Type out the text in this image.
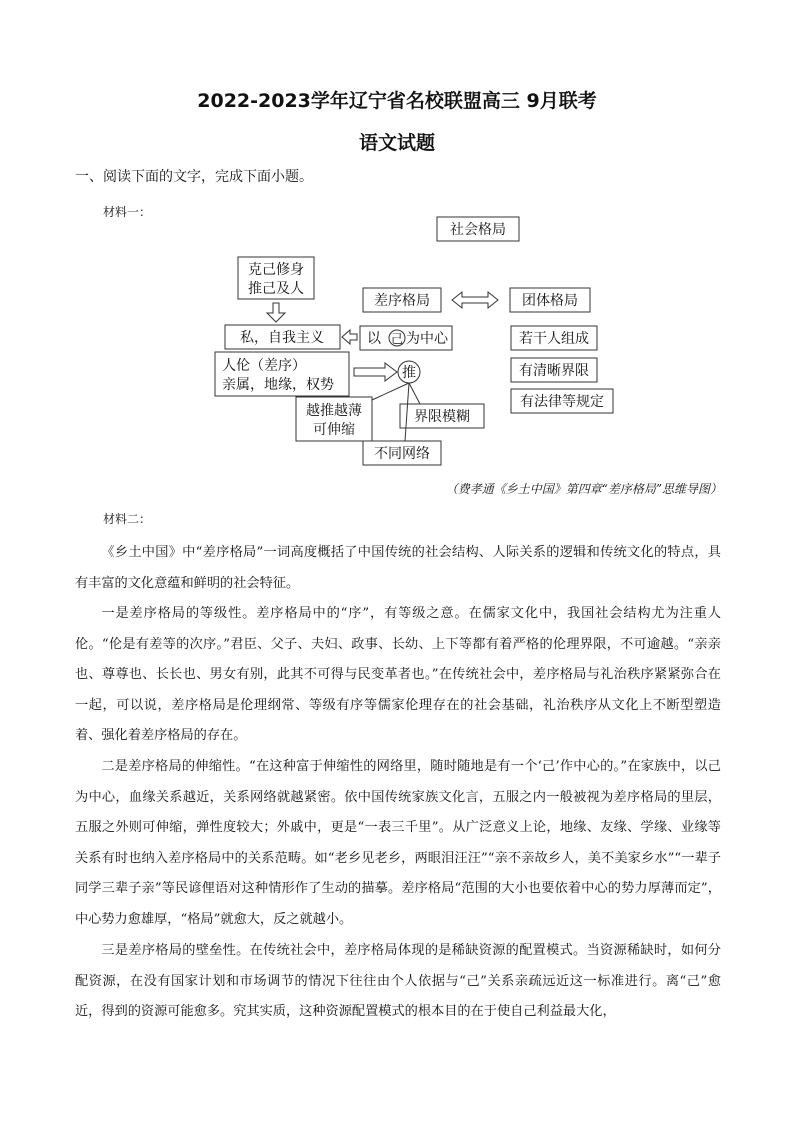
2022-2023学年辽宁省名校联盟高三 9月联考
语文试题
一、阅读下面的文字，完成下面小题。
材料一：
社会格局
差序格局	团体格局
克己修身
推己及人
私，自我主义	以 己 为中心
人伦（差序）
亲属，地缘，权势
推
越推越薄
可伸缩
界限模糊
不同网络
若干人组成
有清晰界限
有法律等规定
（费孝通《乡土中国》第四章“差序格局”思维导图）
材料二：

《乡土中国》中“差序格局”一词高度概括了中国传统的社会结构、人际关系的逻辑和传统文化的特点，具有丰富的文化意蕴和鲜明的社会特征。

一是差序格局的等级性。差序格局中的“序”，有等级之意。在儒家文化中，我国社会结构尤为注重人伦。“伦是有差等的次序。”君臣、父子、夫妇、政事、长幼、上下等都有着严格的伦理界限，不可逾越。“亲亲也、尊尊也、长长也、男女有别，此其不可得与民变革者也。”在传统社会中，差序格局与礼治秩序紧紧弥合在一起，可以说，差序格局是伦理纲常、等级有序等儒家伦理存在的社会基础，礼治秩序从文化上不断型塑造着、强化着差序格局的存在。

二是差序格局的伸缩性。“在这种富于伸缩性的网络里，随时随地是有一个‘己’作中心的。”在家族中，以己为中心，血缘关系越近，关系网络就越紧密。依中国传统家族文化言，五服之内一般被视为差序格局的里层，五服之外则可伸缩，弹性度较大；外戚中，更是“一表三千里”。从广泛意义上论，地缘、友缘、学缘、业缘等关系有时也纳入差序格局中的关系范畴。如“老乡见老乡，两眼泪汪汪”“亲不亲故乡人，美不美家乡水”“一辈子同学三辈子亲”等民谚俚语对这种情形作了生动的描摹。差序格局“范围的大小也要依着中心的势力厚薄而定”，中心势力愈雄厚，“格局”就愈大，反之就越小。

三是差序格局的壁垒性。在传统社会中，差序格局体现的是稀缺资源的配置模式。当资源稀缺时，如何分配资源，在没有国家计划和市场调节的情况下往往由个人依据与“己”关系亲疏远近这一标准进行。离“己”愈近，得到的资源可能愈多。究其实质，这种资源配置模式的根本目的在于使自己利益最大化，
